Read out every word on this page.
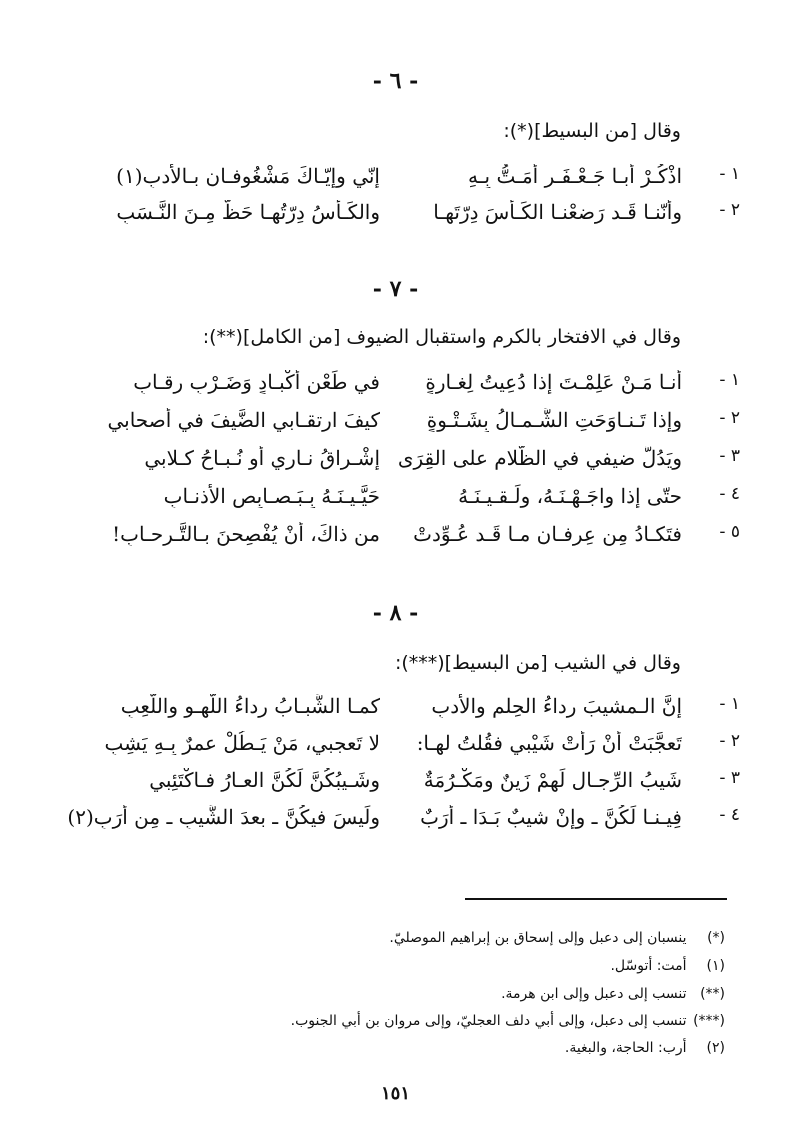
- ٦ -
وقال [من البسيط](*):
١ -
اذْكُـرْ أبـا جَـعْـفَـرٍ أُمَـتُّ بِـهِ
إنّي وإيّـاكَ مَشْغُوفـانِ بـالأدبِ(١)
٢ -
وأنّنـا قَـد رَضعْنـا الكَـأْسَ دِرّتَهـا
والكَـأْسُ دِرّتُهـا حَظٌّ مِـنَ النَّـسَبِ
- ٧ -
وقال في الافتخار بالكرم واستقبال الضيوف [من الكامل](**):
١ -
أنـا مَـنْ عَلِمْـتَ إذا دُعِيتُ لِغـارةٍ
في طَعْنِ أكْبـادٍ وَضَـرْبِ رِقـابِ
٢ -
وإذا تَـنـاوَحَتِ الشَّـمـالُ بِشَـتْـوةٍ
كيفَ ارتقـابي الضَّيفَ في أصحابي
٣ -
ويَدُلُّ ضيفي في الظَّلامِ على القِرَى
إشْـراقُ نـاري أو نُـبـاحُ كـلابي
٤ -
حتّى إذا واجَـهْـنَـهُ، ولَـقـيـنَـهُ
حَيَّـيـنَـهُ بِـبَـصـابِصِ الأذنـابِ
٥ -
فتَكـادُ مِن عِرفـانِ مـا قَـد عُـوِّدتْ
من ذاكَ، أنْ يُفْصِحنَ بـالتَّـرحـابِ!
- ٨ -
وقال في الشيب [من البسيط](***):
١ -
إنَّ الـمشيبَ رِداءُ الحِلمِ والأدبِ
كمـا الشَّبـابُ رِداءُ اللَّهـوِ واللَّعِبِ
٢ -
تَعجَّبَتْ أنْ رَأتْ شَيْبي فقُلتُ لهـا:
لا تَعجبي، مَنْ يَـطُلْ عمرٌ بِـهِ يَشِبِ
٣ -
شَيبُ الرِّجـالِ لَهمْ زَينٌ ومَكْـرُمَةٌ
وشَـيبُكُنَّ لَكُنَّ العـارُ فـاكْتَئِبي
٤ -
فِيـنـا لَكُنَّ ـ وإنْ شيبٌ بَـدَا ـ أرَبٌ
ولَيسَ فيكُنَّ ـ بعدَ الشَّيبِ ـ مِن أرَبِ(٢)
(*) ينسبان إلى دعبل وإلى إسحاق بن إبراهيم الموصليّ.
(١) أمت: أتوسّل.
(**) تنسب إلى دعبل وإلى ابن هرمة.
(***) تنسب إلى دعبل، وإلى أبي دلف العجليّ، وإلى مروان بن أبي الجنوب.
(٢) أرب: الحاجة، والبغية.
١٥١
